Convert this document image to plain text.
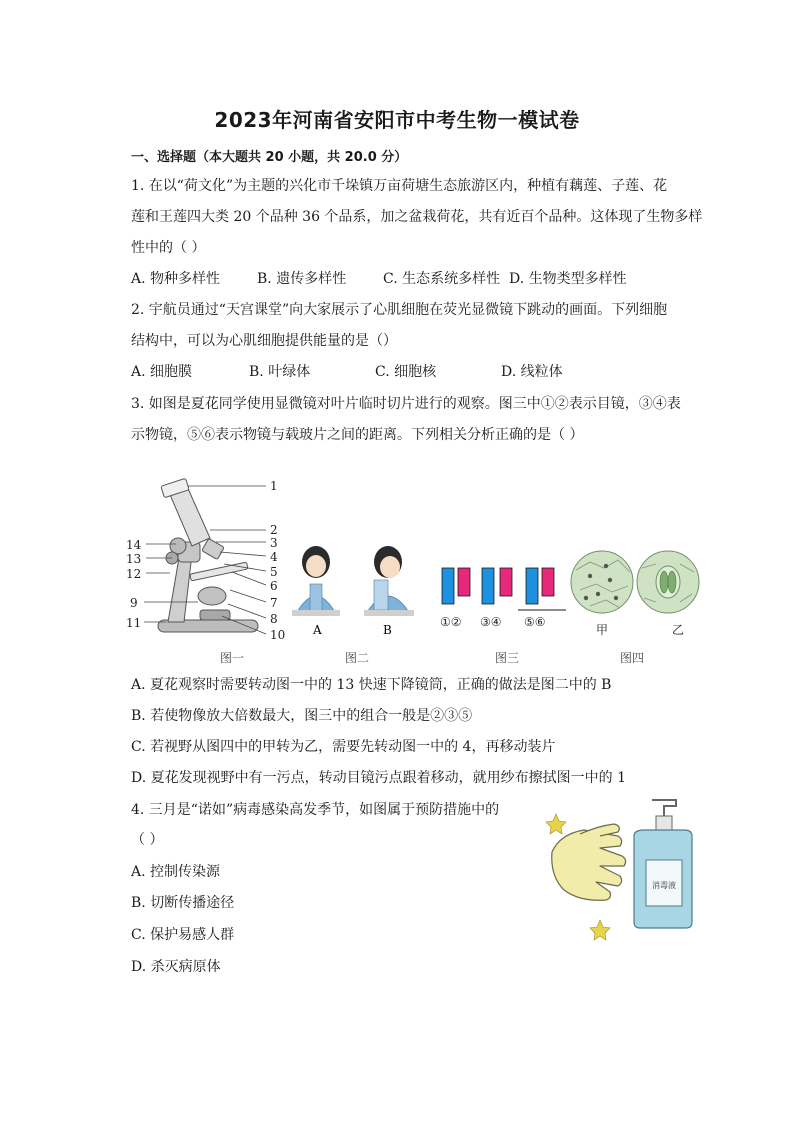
2023年河南省安阳市中考生物一模试卷
一、选择题（本大题共 20 小题，共 20.0 分）
1. 在以“荷文化”为主题的兴化市千垛镇万亩荷塘生态旅游区内，种植有藕莲、子莲、花
莲和王莲四大类 20 个品种 36 个品系，加之盆栽荷花，共有近百个品种。这体现了生物多样
性中的（ ）
A. 物种多样性	B. 遗传多样性	C. 生态系统多样性 D. 生物类型多样性
2. 宇航员通过“天宫课堂”向大家展示了心肌细胞在荧光显微镜下跳动的画面。下列细胞
结构中，可以为心肌细胞提供能量的是（）
A. 细胞膜	B. 叶绿体	C. 细胞核	D. 线粒体
3. 如图是夏花同学使用显微镜对叶片临时切片进行的观察。图三中①②表示目镜，③④表
示物镜，⑤⑥表示物镜与载玻片之间的距离。下列相关分析正确的是（ ）
1
2
3
4
5
6
7
8
9
10
11
12
13
14
A	B
①② ③④ ⑤⑥
甲	乙
图一	图二	图三	图四
A. 夏花观察时需要转动图一中的 13 快速下降镜筒，正确的做法是图二中的 B
B. 若使物像放大倍数最大，图三中的组合一般是②③⑤
C. 若视野从图四中的甲转为乙，需要先转动图一中的 4，再移动装片
D. 夏花发现视野中有一污点，转动目镜污点跟着移动，就用纱布擦拭图一中的 1
4. 三月是“诺如”病毒感染高发季节，如图属于预防措施中的
（ ）
A. 控制传染源
B. 切断传播途径
C. 保护易感人群
D. 杀灭病原体
消毒液
